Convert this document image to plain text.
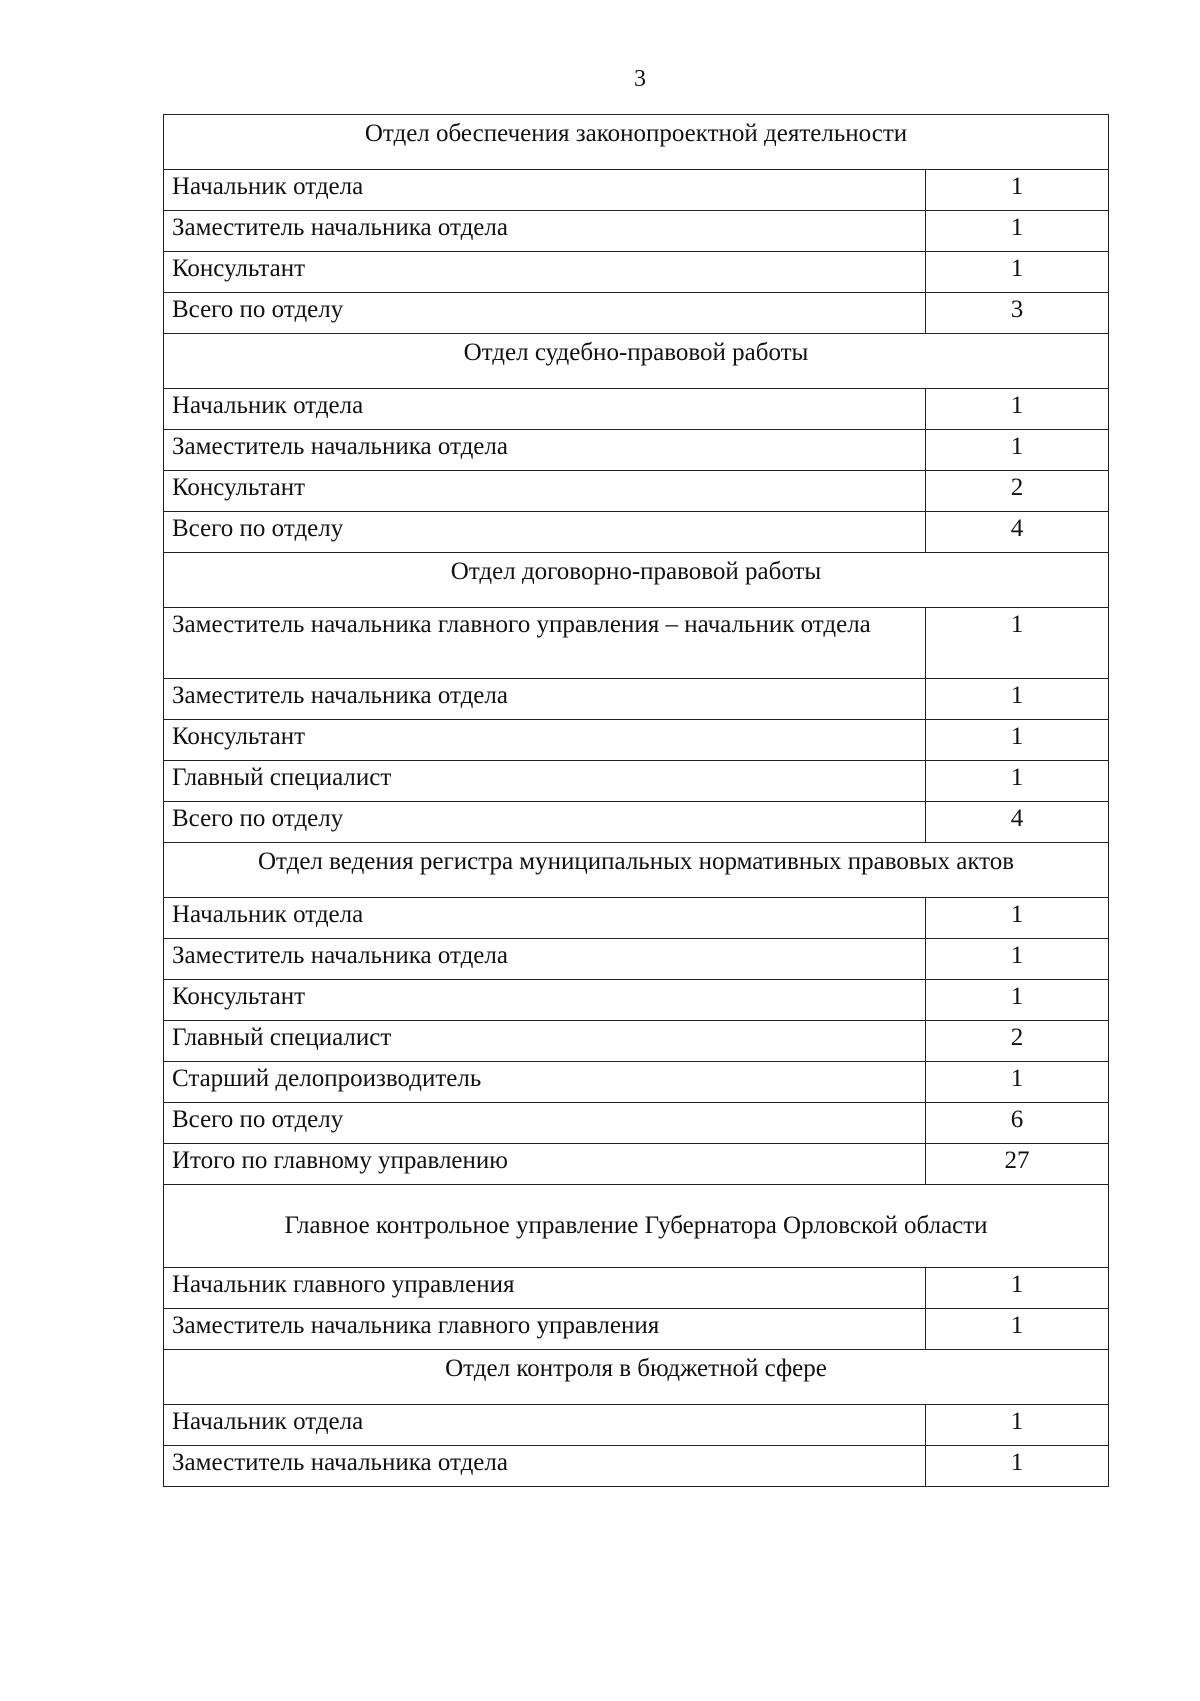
3
Отдел обеспечения законопроектной деятельности	
Начальник отдела	1
Заместитель начальника отдела	1
Консультант	1
Всего по отделу	3
Отдел судебно-правовой работы	
Начальник отдела	1
Заместитель начальника отдела	1
Консультант	2
Всего по отделу	4
Отдел договорно-правовой работы	
Заместитель начальника главного управления – начальник отдела	1
Заместитель начальника отдела	1
Консультант	1
Главный специалист	1
Всего по отделу	4
Отдел ведения регистра муниципальных нормативных правовых актов	
Начальник отдела	1
Заместитель начальника отдела	1
Консультант	1
Главный специалист	2
Старший делопроизводитель	1
Всего по отделу	6
Итого по главному управлению	27
Главное контрольное управление Губернатора Орловской области	
Начальник главного управления	1
Заместитель начальника главного управления	1
Отдел контроля в бюджетной сфере	
Начальник отдела	1
Заместитель начальника отдела	1
